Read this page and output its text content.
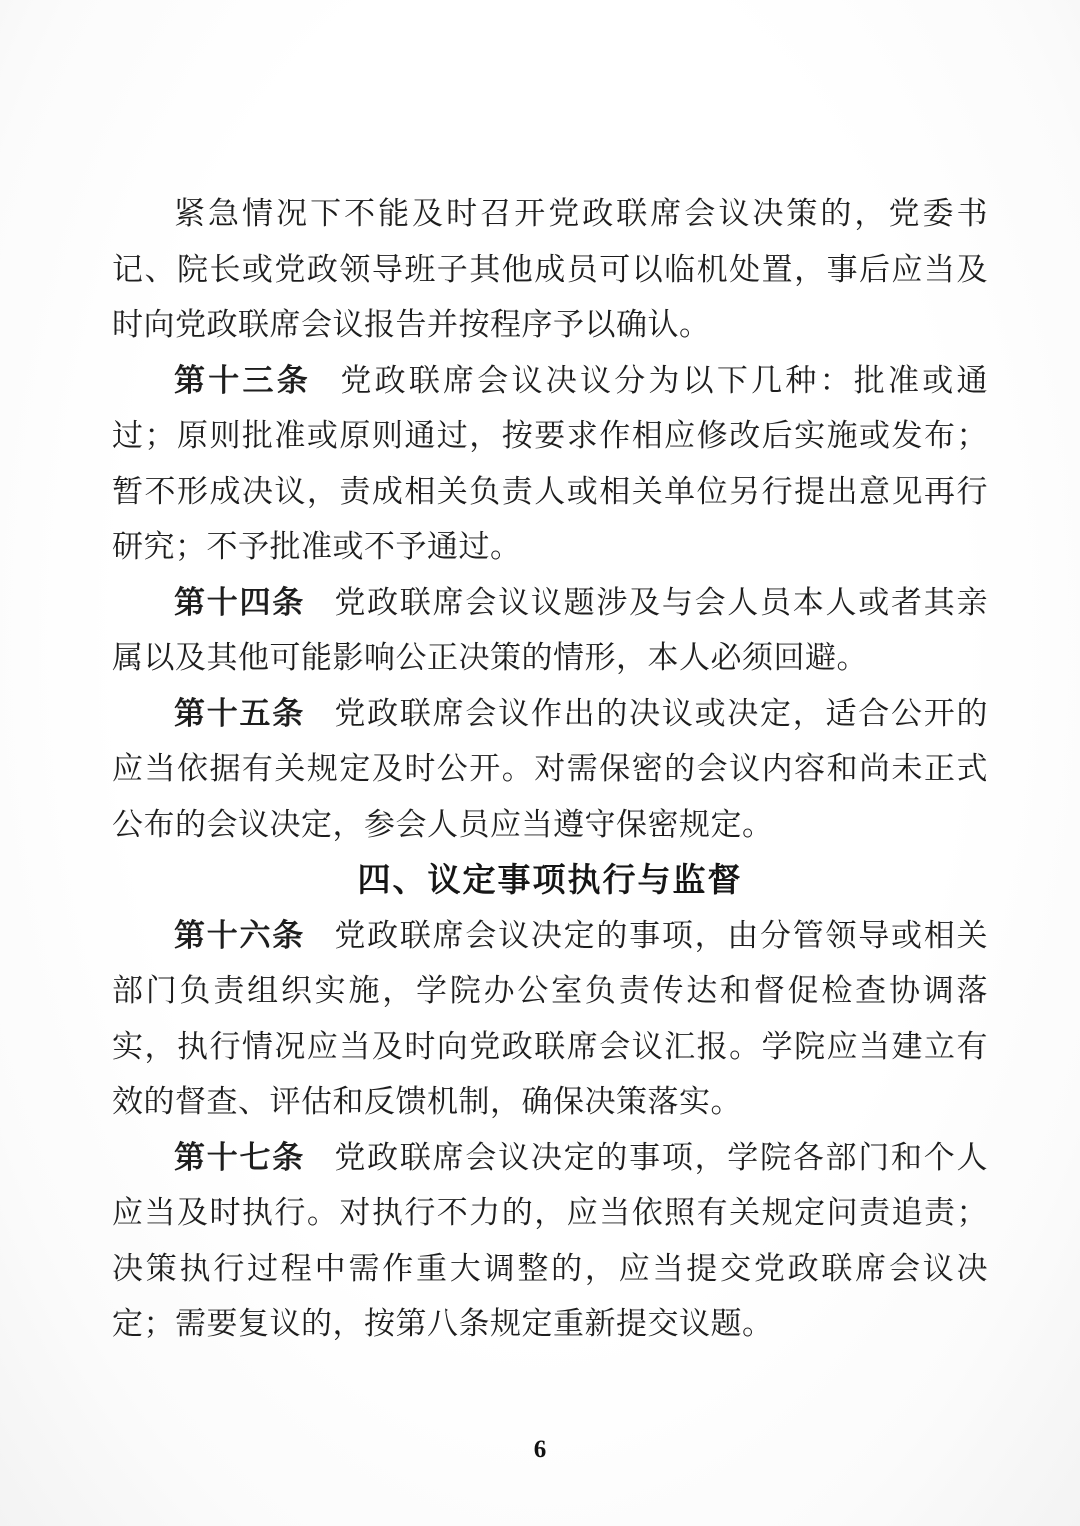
紧急情况下不能及时召开党政联席会议决策的，党委书记、院长或党政领导班子其他成员可以临机处置，事后应当及时向党政联席会议报告并按程序予以确认。

第十三条 党政联席会议决议分为以下几种：批准或通过；原则批准或原则通过，按要求作相应修改后实施或发布；暂不形成决议，责成相关负责人或相关单位另行提出意见再行研究；不予批准或不予通过。

第十四条 党政联席会议议题涉及与会人员本人或者其亲属以及其他可能影响公正决策的情形，本人必须回避。

第十五条 党政联席会议作出的决议或决定，适合公开的应当依据有关规定及时公开。对需保密的会议内容和尚未正式公布的会议决定，参会人员应当遵守保密规定。

四、议定事项执行与监督

第十六条 党政联席会议决定的事项，由分管领导或相关部门负责组织实施，学院办公室负责传达和督促检查协调落实，执行情况应当及时向党政联席会议汇报。学院应当建立有效的督查、评估和反馈机制，确保决策落实。

第十七条 党政联席会议决定的事项，学院各部门和个人应当及时执行。对执行不力的，应当依照有关规定问责追责；决策执行过程中需作重大调整的，应当提交党政联席会议决定；需要复议的，按第八条规定重新提交议题。

6
